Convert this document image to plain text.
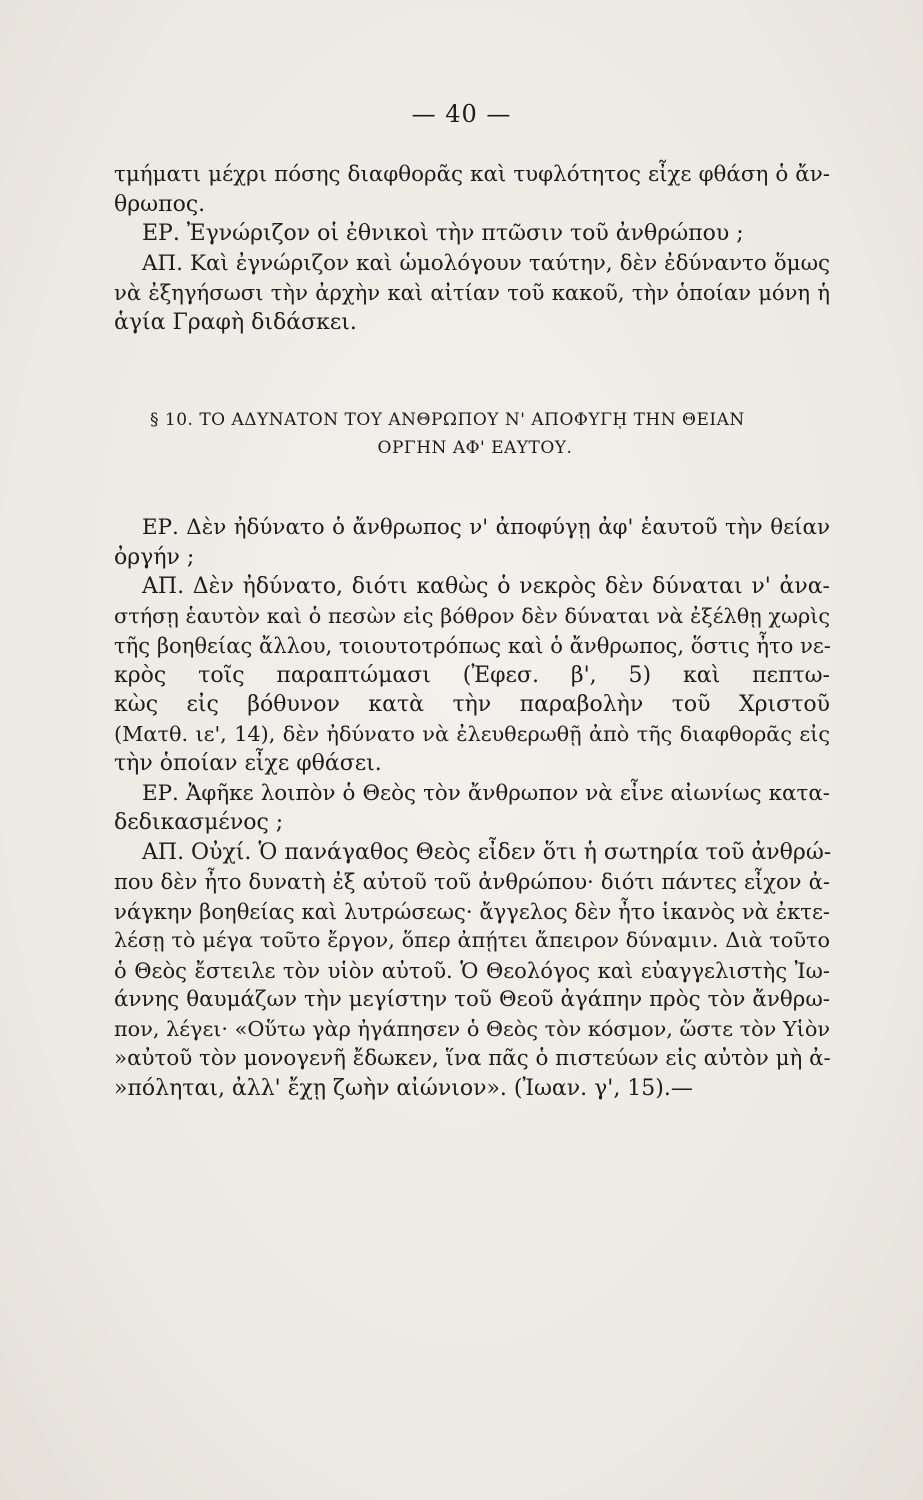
— 40 —
τμήματι μέχρι πόσης διαφθορᾶς καὶ τυφλότητος εἶχε φθάση ὁ ἄν-
θρωπος.
ΕΡ. Ἐγνώριζον οἱ ἐθνικοὶ τὴν πτῶσιν τοῦ ἀνθρώπου ;
ΑΠ. Καὶ ἐγνώριζον καὶ ὡμολόγουν ταύτην, δὲν ἐδύναντο ὅμως
νὰ ἐξηγήσωσι τὴν ἀρχὴν καὶ αἰτίαν τοῦ κακοῦ, τὴν ὁποίαν μόνη ἡ
ἁγία Γραφὴ διδάσκει.
§ 10. ΤΟ ΑΔΥΝΑΤΟΝ ΤΟΥ ΑΝΘΡΩΠΟΥ Ν' ΑΠΟΦΥΓῌ ΤΗΝ ΘΕΙΑΝ
ΟΡΓΗΝ ΑΦ' ΕΑΥΤΟΥ.
ΕΡ. Δὲν ἠδύνατο ὁ ἄνθρωπος ν' ἀποφύγῃ ἀφ' ἑαυτοῦ τὴν θείαν
ὀργήν ;
ΑΠ. Δὲν ἠδύνατο, διότι καθὼς ὁ νεκρὸς δὲν δύναται ν' ἀνα-
στήσῃ ἑαυτὸν καὶ ὁ πεσὼν εἰς βόθρον δὲν δύναται νὰ ἐξέλθῃ χωρὶς
τῆς βοηθείας ἄλλου, τοιουτοτρόπως καὶ ὁ ἄνθρωπος, ὅστις ἦτο νε-
κρὸς τοῖς παραπτώμασι (Ἐφεσ. β', 5) καὶ πεπτω-
κὼς εἰς βόθυνον κατὰ τὴν παραβολὴν τοῦ Χριστοῦ
(Ματθ. ιε', 14), δὲν ἠδύνατο νὰ ἐλευθερωθῇ ἀπὸ τῆς διαφθορᾶς εἰς
τὴν ὁποίαν εἶχε φθάσει.
ΕΡ. Ἀφῆκε λοιπὸν ὁ Θεὸς τὸν ἄνθρωπον νὰ εἶνε αἰωνίως κατα-
δεδικασμένος ;
ΑΠ. Οὐχί. Ὁ πανάγαθος Θεὸς εἶδεν ὅτι ἡ σωτηρία τοῦ ἀνθρώ-
που δὲν ἦτο δυνατὴ ἐξ αὐτοῦ τοῦ ἀνθρώπου· διότι πάντες εἶχον ἀ-
νάγκην βοηθείας καὶ λυτρώσεως· ἄγγελος δὲν ἦτο ἱκανὸς νὰ ἐκτε-
λέσῃ τὸ μέγα τοῦτο ἔργον, ὅπερ ἀπῄτει ἄπειρον δύναμιν. Διὰ τοῦτο
ὁ Θεὸς ἔστειλε τὸν υἱὸν αὐτοῦ. Ὁ Θεολόγος καὶ εὐαγγελιστὴς Ἰω-
άννης θαυμάζων τὴν μεγίστην τοῦ Θεοῦ ἀγάπην πρὸς τὸν ἄνθρω-
πον, λέγει· «Οὕτω γὰρ ἠγάπησεν ὁ Θεὸς τὸν κόσμον, ὥστε τὸν Υἱὸν
»αὐτοῦ τὸν μονογενῆ ἔδωκεν, ἵνα πᾶς ὁ πιστεύων εἰς αὐτὸν μὴ ἀ-
»πόληται, ἀλλ' ἔχῃ ζωὴν αἰώνιον». (Ἰωαν. γ', 15).—
